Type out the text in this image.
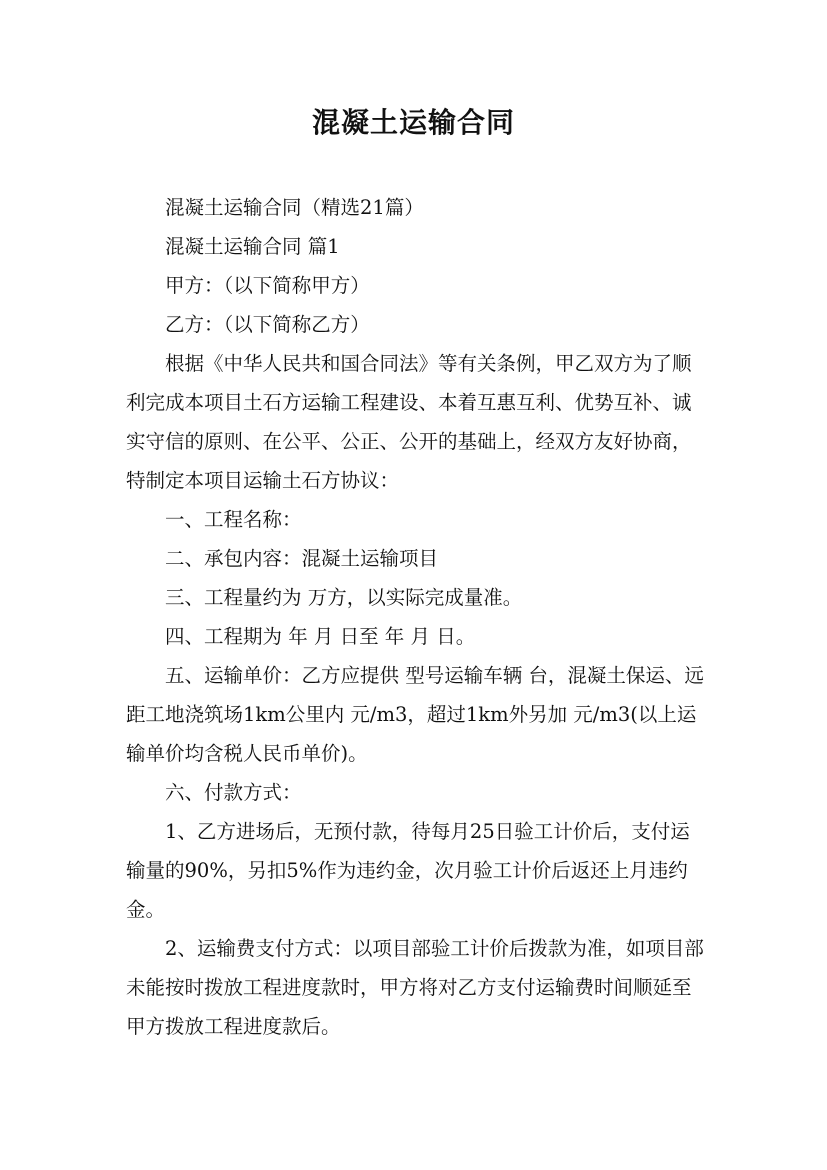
混凝土运输合同

混凝土运输合同（精选21篇）

混凝土运输合同 篇1

甲方：（以下简称甲方）

乙方：（以下简称乙方）

根据《中华人民共和国合同法》等有关条例，甲乙双方为了顺利完成本项目土石方运输工程建设、本着互惠互利、优势互补、诚实守信的原则、在公平、公正、公开的基础上，经双方友好协商，特制定本项目运输土石方协议：

一、工程名称：

二、承包内容：混凝土运输项目

三、工程量约为 万方，以实际完成量准。

四、工程期为 年 月 日至 年 月 日。

五、运输单价：乙方应提供 型号运输车辆 台，混凝土保运、远距工地浇筑场1km公里内 元/m3，超过1km外另加 元/m3(以上运输单价均含税人民币单价)。

六、付款方式：

1、乙方进场后，无预付款，待每月25日验工计价后，支付运输量的90%，另扣5%作为违约金，次月验工计价后返还上月违约金。

2、运输费支付方式：以项目部验工计价后拨款为准，如项目部未能按时拨放工程进度款时，甲方将对乙方支付运输费时间顺延至甲方拨放工程进度款后。
